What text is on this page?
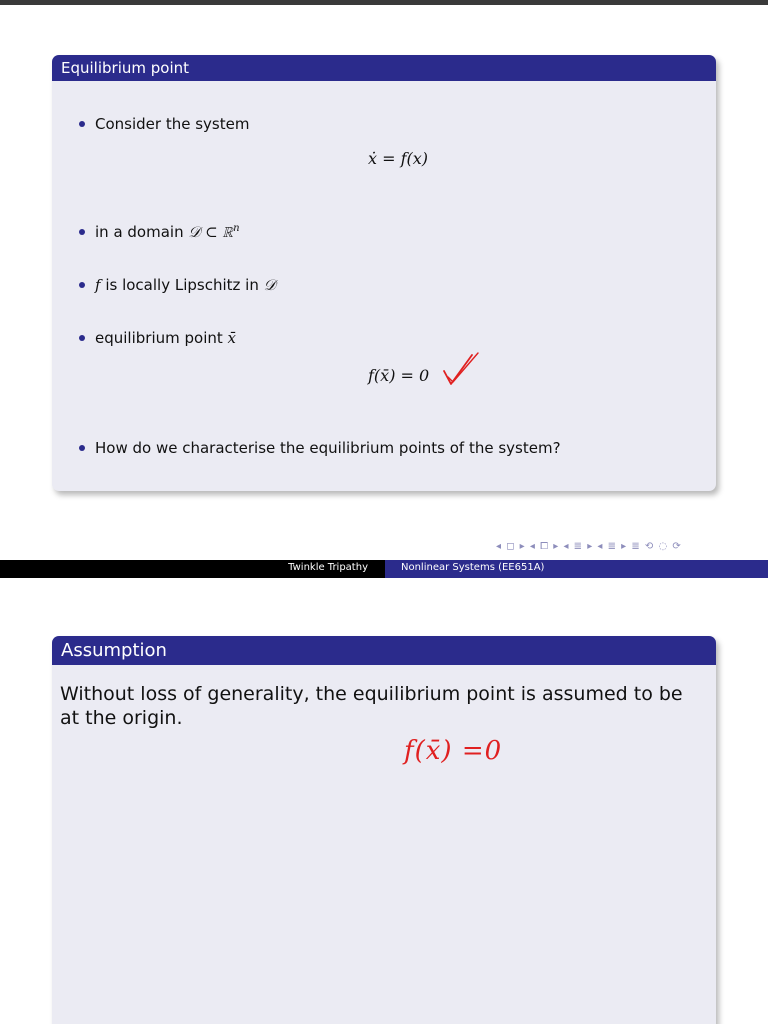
Equilibrium point
Consider the system
ẋ = f(x)
in a domain 𝒟 ⊂ ℝ$^n$
f is locally Lipschitz in 𝒟
equilibrium point x̄
f(x̄) = 0
How do we characterise the equilibrium points of the system?
◂ ◻ ▸ ◂ ⧠ ▸ ◂ ≣ ▸ ◂ ≣ ▸ ≣ ⟲ ◌ ⟳
Twinkle Tripathy	Nonlinear Systems (EE651A)
Assumption
Without loss of generality, the equilibrium point is assumed to be at the origin.
f(x̄) =0
